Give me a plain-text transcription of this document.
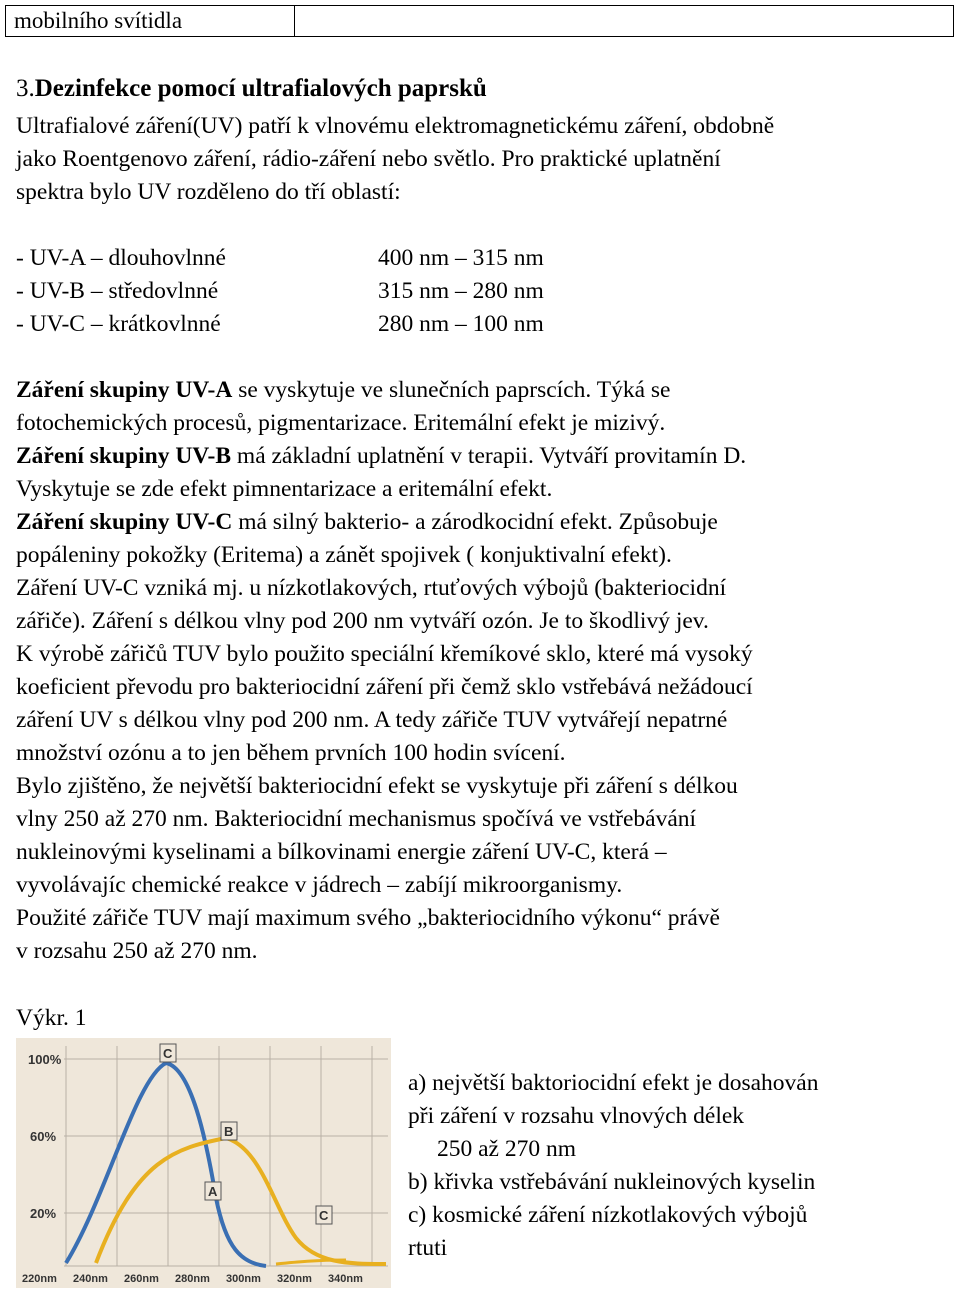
mobilního svítidla
3.Dezinfekce pomocí ultrafialových paprsků
Ultrafialové záření(UV) patří k vlnovému elektromagnetickému záření, obdobně
jako Roentgenovo záření, rádio-záření nebo světlo. Pro praktické uplatnění
spektra bylo UV rozděleno do tří oblastí:
- UV-A – dlouhovlnné	400 nm – 315 nm
- UV-B – středovlnné	315 nm – 280 nm
- UV-C – krátkovlnné	280 nm – 100 nm
Záření skupiny UV-A se vyskytuje ve slunečních paprscích. Týká se
fotochemických procesů, pigmentarizace. Eritemální efekt je mizivý.
Záření skupiny UV-B má základní uplatnění v terapii. Vytváří provitamín D.
Vyskytuje se zde efekt pimnentarizace a eritemální efekt.
Záření skupiny UV-C má silný bakterio- a zárodkocidní efekt. Způsobuje
popáleniny pokožky (Eritema) a zánět spojivek ( konjuktivalní efekt).
Záření UV-C vzniká mj. u nízkotlakových, rtuťových výbojů (bakteriocidní
zářiče). Záření s délkou vlny pod 200 nm vytváří ozón. Je to škodlivý jev.
K výrobě zářičů TUV bylo použito speciální křemíkové sklo, které má vysoký
koeficient převodu pro bakteriocidní záření při čemž sklo vstřebává nežádoucí
záření UV s délkou vlny pod 200 nm. A tedy zářiče TUV vytvářejí nepatrné
množství ozónu a to jen během prvních 100 hodin svícení.
Bylo zjištěno, že největší bakteriocidní efekt se vyskytuje při záření s délkou
vlny 250 až 270 nm. Bakteriocidní mechanismus spočívá ve vstřebávání
nukleinovými kyselinami a bílkovinami energie záření UV-C, která –
vyvolávajíc chemické reakce v jádrech – zabíjí mikroorganismy.
Použité zářiče TUV mají maximum svého „bakteriocidního výkonu“ právě
v rozsahu 250 až 270 nm.
Výkr. 1
100%
60%
20%
220nm 240nm 260nm 280nm 300nm 320nm 340nm
C
B
A
C
a) největší baktoriocidní efekt je dosahován
při záření v rozsahu vlnových délek
250 až 270 nm
b) křivka vstřebávání nukleinových kyselin
c) kosmické záření nízkotlakových výbojů
rtuti
